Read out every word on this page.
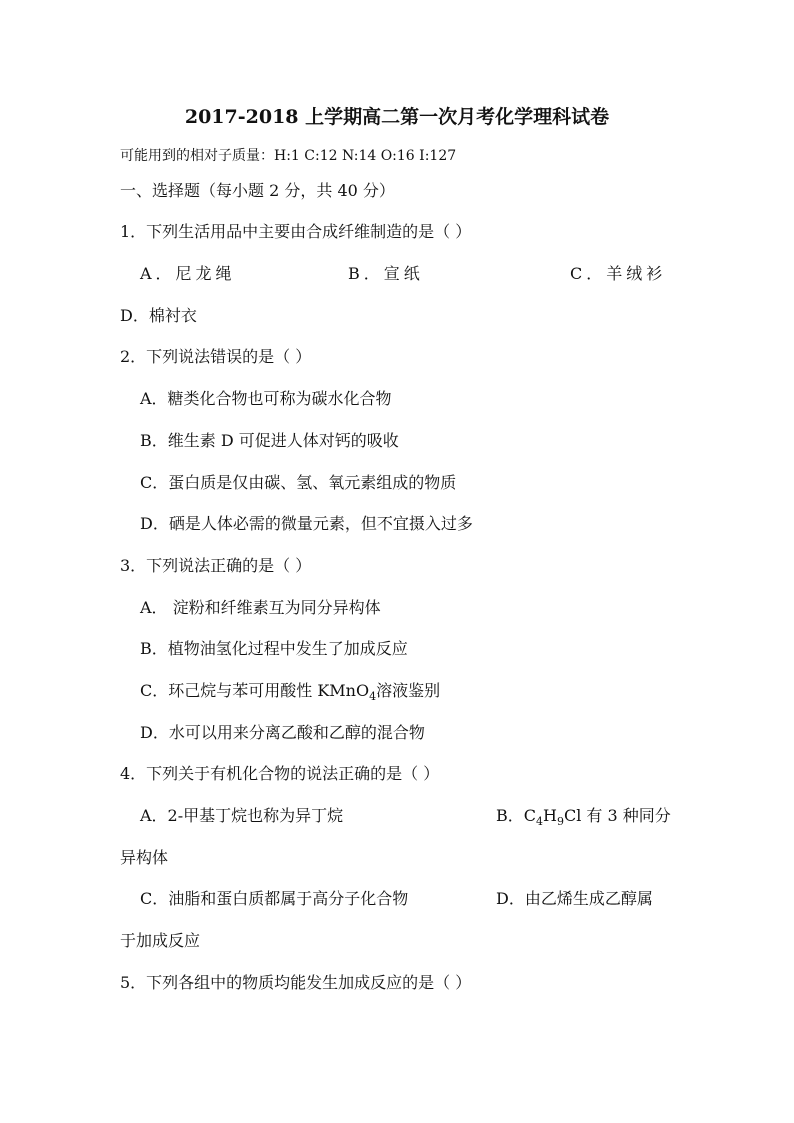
2017-2018 上学期高二第一次月考化学理科试卷
可能用到的相对子质量：H:1 C:12 N:14 O:16 I:127
一、选择题（每小题 2 分，共 40 分）
1．下列生活用品中主要由合成纤维制造的是（ ）
A．尼龙绳	B．宣纸	C．羊绒衫
D．棉衬衣
2．下列说法错误的是（ ）
A．糖类化合物也可称为碳水化合物
B．维生素 D 可促进人体对钙的吸收
C．蛋白质是仅由碳、氢、氧元素组成的物质
D．硒是人体必需的微量元素，但不宜摄入过多
3．下列说法正确的是（ ）
A． 淀粉和纤维素互为同分异构体
B．植物油氢化过程中发生了加成反应
C．环己烷与苯可用酸性 KMnO$_4$溶液鉴别
D．水可以用来分离乙酸和乙醇的混合物
4．下列关于有机化合物的说法正确的是（ ）
A．2-甲基丁烷也称为异丁烷	B．$C_4H_9Cl$ 有 3 种同分
异构体
C．油脂和蛋白质都属于高分子化合物	D．由乙烯生成乙醇属
于加成反应
5．下列各组中的物质均能发生加成反应的是（ ）
